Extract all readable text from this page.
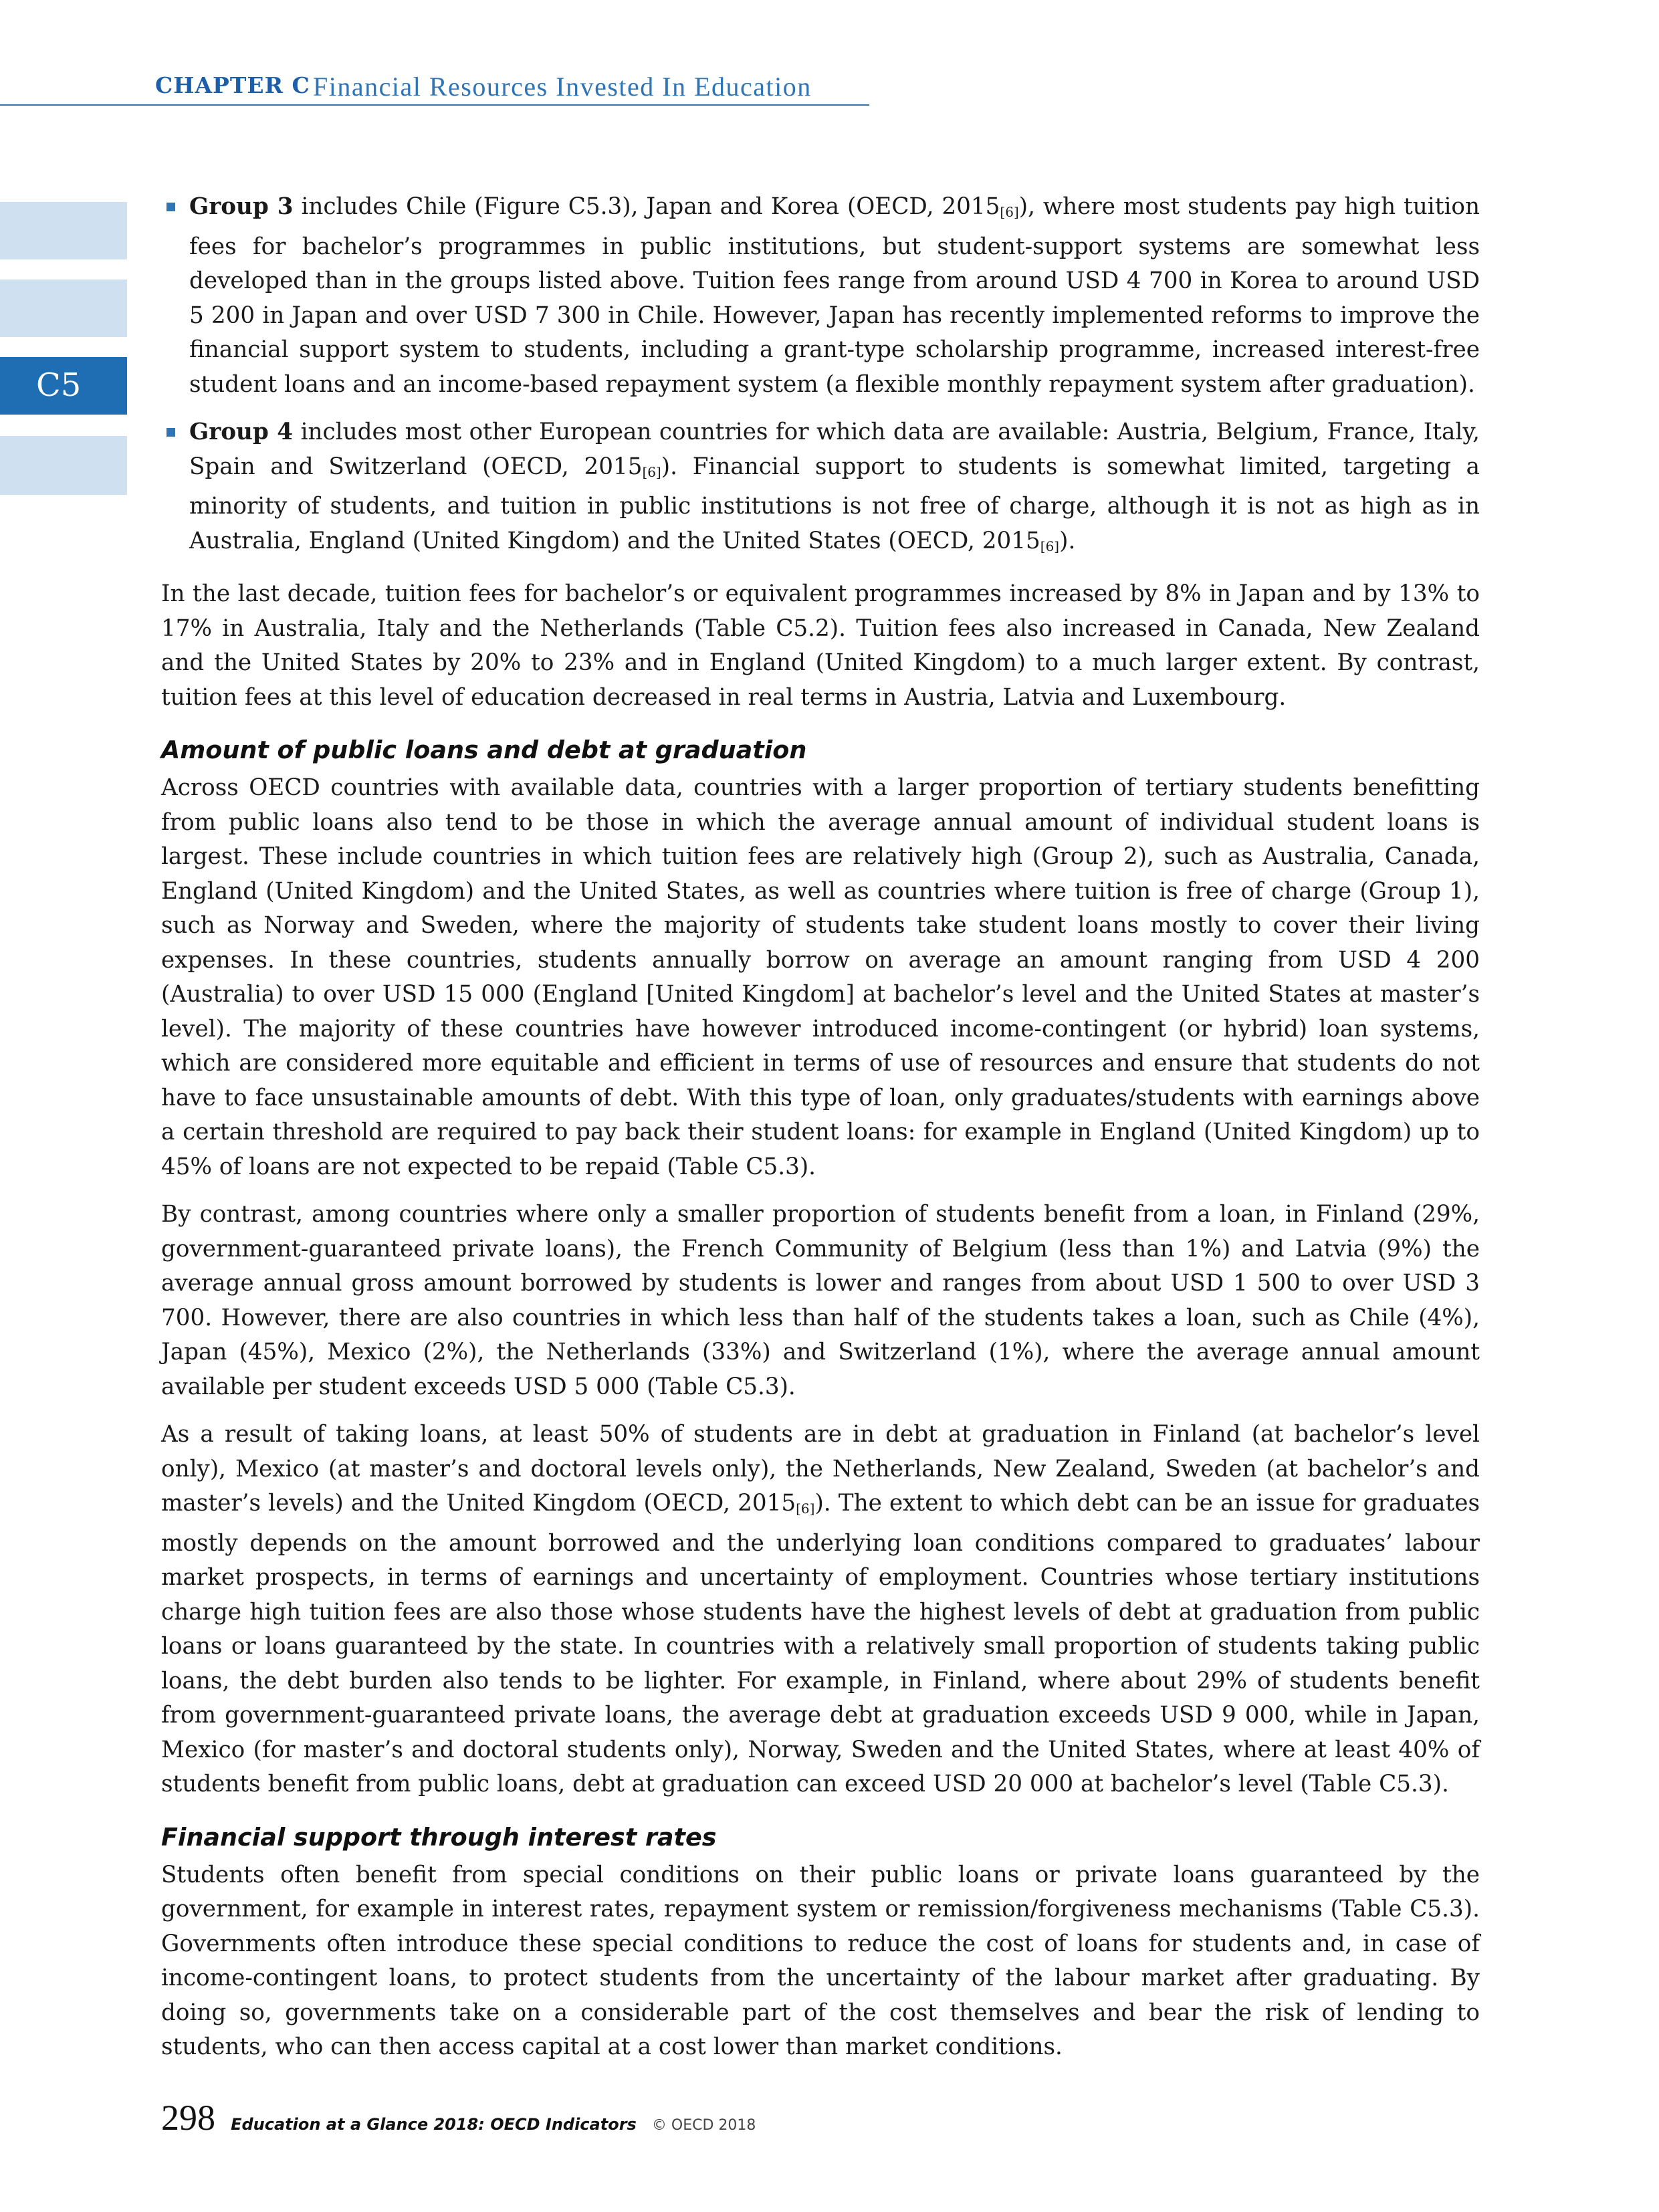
CHAPTER C Financial Resources Invested In Education
C5
Group 3 includes Chile (Figure C5.3), Japan and Korea (OECD, $2015_{[6]}$), where most students pay high tuition fees for bachelor’s programmes in public institutions, but student-support systems are somewhat less developed than in the groups listed above. Tuition fees range from around USD 4 700 in Korea to around USD 5 200 in Japan and over USD 7 300 in Chile. However, Japan has recently implemented reforms to improve the financial support system to students, including a grant-type scholarship programme, increased interest-free student loans and an income-based repayment system (a flexible monthly repayment system after graduation).
Group 4 includes most other European countries for which data are available: Austria, Belgium, France, Italy, Spain and Switzerland (OECD, $2015_{[6]}$). Financial support to students is somewhat limited, targeting a minority of students, and tuition in public institutions is not free of charge, although it is not as high as in Australia, England (United Kingdom) and the United States (OECD, $2015_{[6]}$).

In the last decade, tuition fees for bachelor’s or equivalent programmes increased by 8% in Japan and by 13% to 17% in Australia, Italy and the Netherlands (Table C5.2). Tuition fees also increased in Canada, New Zealand and the United States by 20% to 23% and in England (United Kingdom) to a much larger extent. By contrast, tuition fees at this level of education decreased in real terms in Austria, Latvia and Luxembourg.

Amount of public loans and debt at graduation

Across OECD countries with available data, countries with a larger proportion of tertiary students benefitting from public loans also tend to be those in which the average annual amount of individual student loans is largest. These include countries in which tuition fees are relatively high (Group 2), such as Australia, Canada, England (United Kingdom) and the United States, as well as countries where tuition is free of charge (Group 1), such as Norway and Sweden, where the majority of students take student loans mostly to cover their living expenses. In these countries, students annually borrow on average an amount ranging from USD 4 200 (Australia) to over USD 15 000 (England [United Kingdom] at bachelor’s level and the United States at master’s level). The majority of these countries have however introduced income-contingent (or hybrid) loan systems, which are considered more equitable and efficient in terms of use of resources and ensure that students do not have to face unsustainable amounts of debt. With this type of loan, only graduates/students with earnings above a certain threshold are required to pay back their student loans: for example in England (United Kingdom) up to 45% of loans are not expected to be repaid (Table C5.3).

By contrast, among countries where only a smaller proportion of students benefit from a loan, in Finland (29%, government-guaranteed private loans), the French Community of Belgium (less than 1%) and Latvia (9%) the average annual gross amount borrowed by students is lower and ranges from about USD 1 500 to over USD 3 700. However, there are also countries in which less than half of the students takes a loan, such as Chile (4%), Japan (45%), Mexico (2%), the Netherlands (33%) and Switzerland (1%), where the average annual amount available per student exceeds USD 5 000 (Table C5.3).

As a result of taking loans, at least 50% of students are in debt at graduation in Finland (at bachelor’s level only), Mexico (at master’s and doctoral levels only), the Netherlands, New Zealand, Sweden (at bachelor’s and master’s levels) and the United Kingdom (OECD, $2015_{[6]}$). The extent to which debt can be an issue for graduates mostly depends on the amount borrowed and the underlying loan conditions compared to graduates’ labour market prospects, in terms of earnings and uncertainty of employment. Countries whose tertiary institutions charge high tuition fees are also those whose students have the highest levels of debt at graduation from public loans or loans guaranteed by the state. In countries with a relatively small proportion of students taking public loans, the debt burden also tends to be lighter. For example, in Finland, where about 29% of students benefit from government-guaranteed private loans, the average debt at graduation exceeds USD 9 000, while in Japan, Mexico (for master’s and doctoral students only), Norway, Sweden and the United States, where at least 40% of students benefit from public loans, debt at graduation can exceed USD 20 000 at bachelor’s level (Table C5.3).

Financial support through interest rates

Students often benefit from special conditions on their public loans or private loans guaranteed by the government, for example in interest rates, repayment system or remission/forgiveness mechanisms (Table C5.3). Governments often introduce these special conditions to reduce the cost of loans for students and, in case of income-contingent loans, to protect students from the uncertainty of the labour market after graduating. By doing so, governments take on a considerable part of the cost themselves and bear the risk of lending to students, who can then access capital at a cost lower than market conditions.

298 Education at a Glance 2018: OECD Indicators © OECD 2018
